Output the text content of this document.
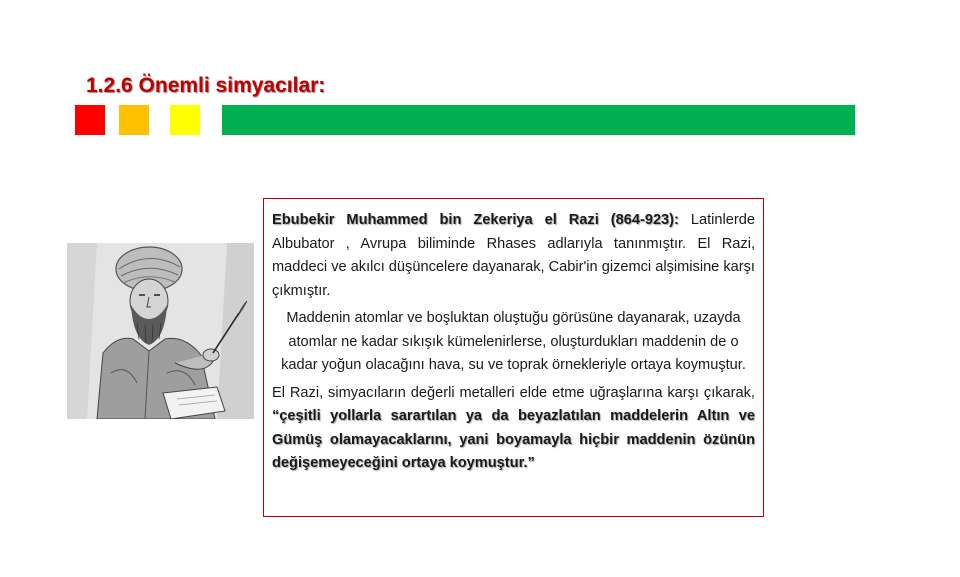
1.2.6 Önemli simyacılar:

Ebubekir Muhammed bin Zekeriya el Razi (864-923): Latinlerde Albubator , Avrupa biliminde Rhases adlarıyla tanınmıştır. El Razi, maddeci ve akılcı düşüncelere dayanarak, Cabir'in gizemci alşimisine karşı çıkmıştır.

Maddenin atomlar ve boşluktan oluştuğu görüsüne dayanarak, uzayda atomlar ne kadar sıkışık kümelenirlerse, oluşturdukları maddenin de o kadar yoğun olacağını hava, su ve toprak örnekleriyle ortaya koymuştur.

El Razi, simyacıların değerli metalleri elde etme uğraşlarına karşı çıkarak, “çeşitli yollarla sarartılan ya da beyazlatılan maddelerin Altın ve Gümüş olamayacaklarını, yani boyamayla hiçbir maddenin özünün değişemeyeceğini ortaya koymuştur.”
